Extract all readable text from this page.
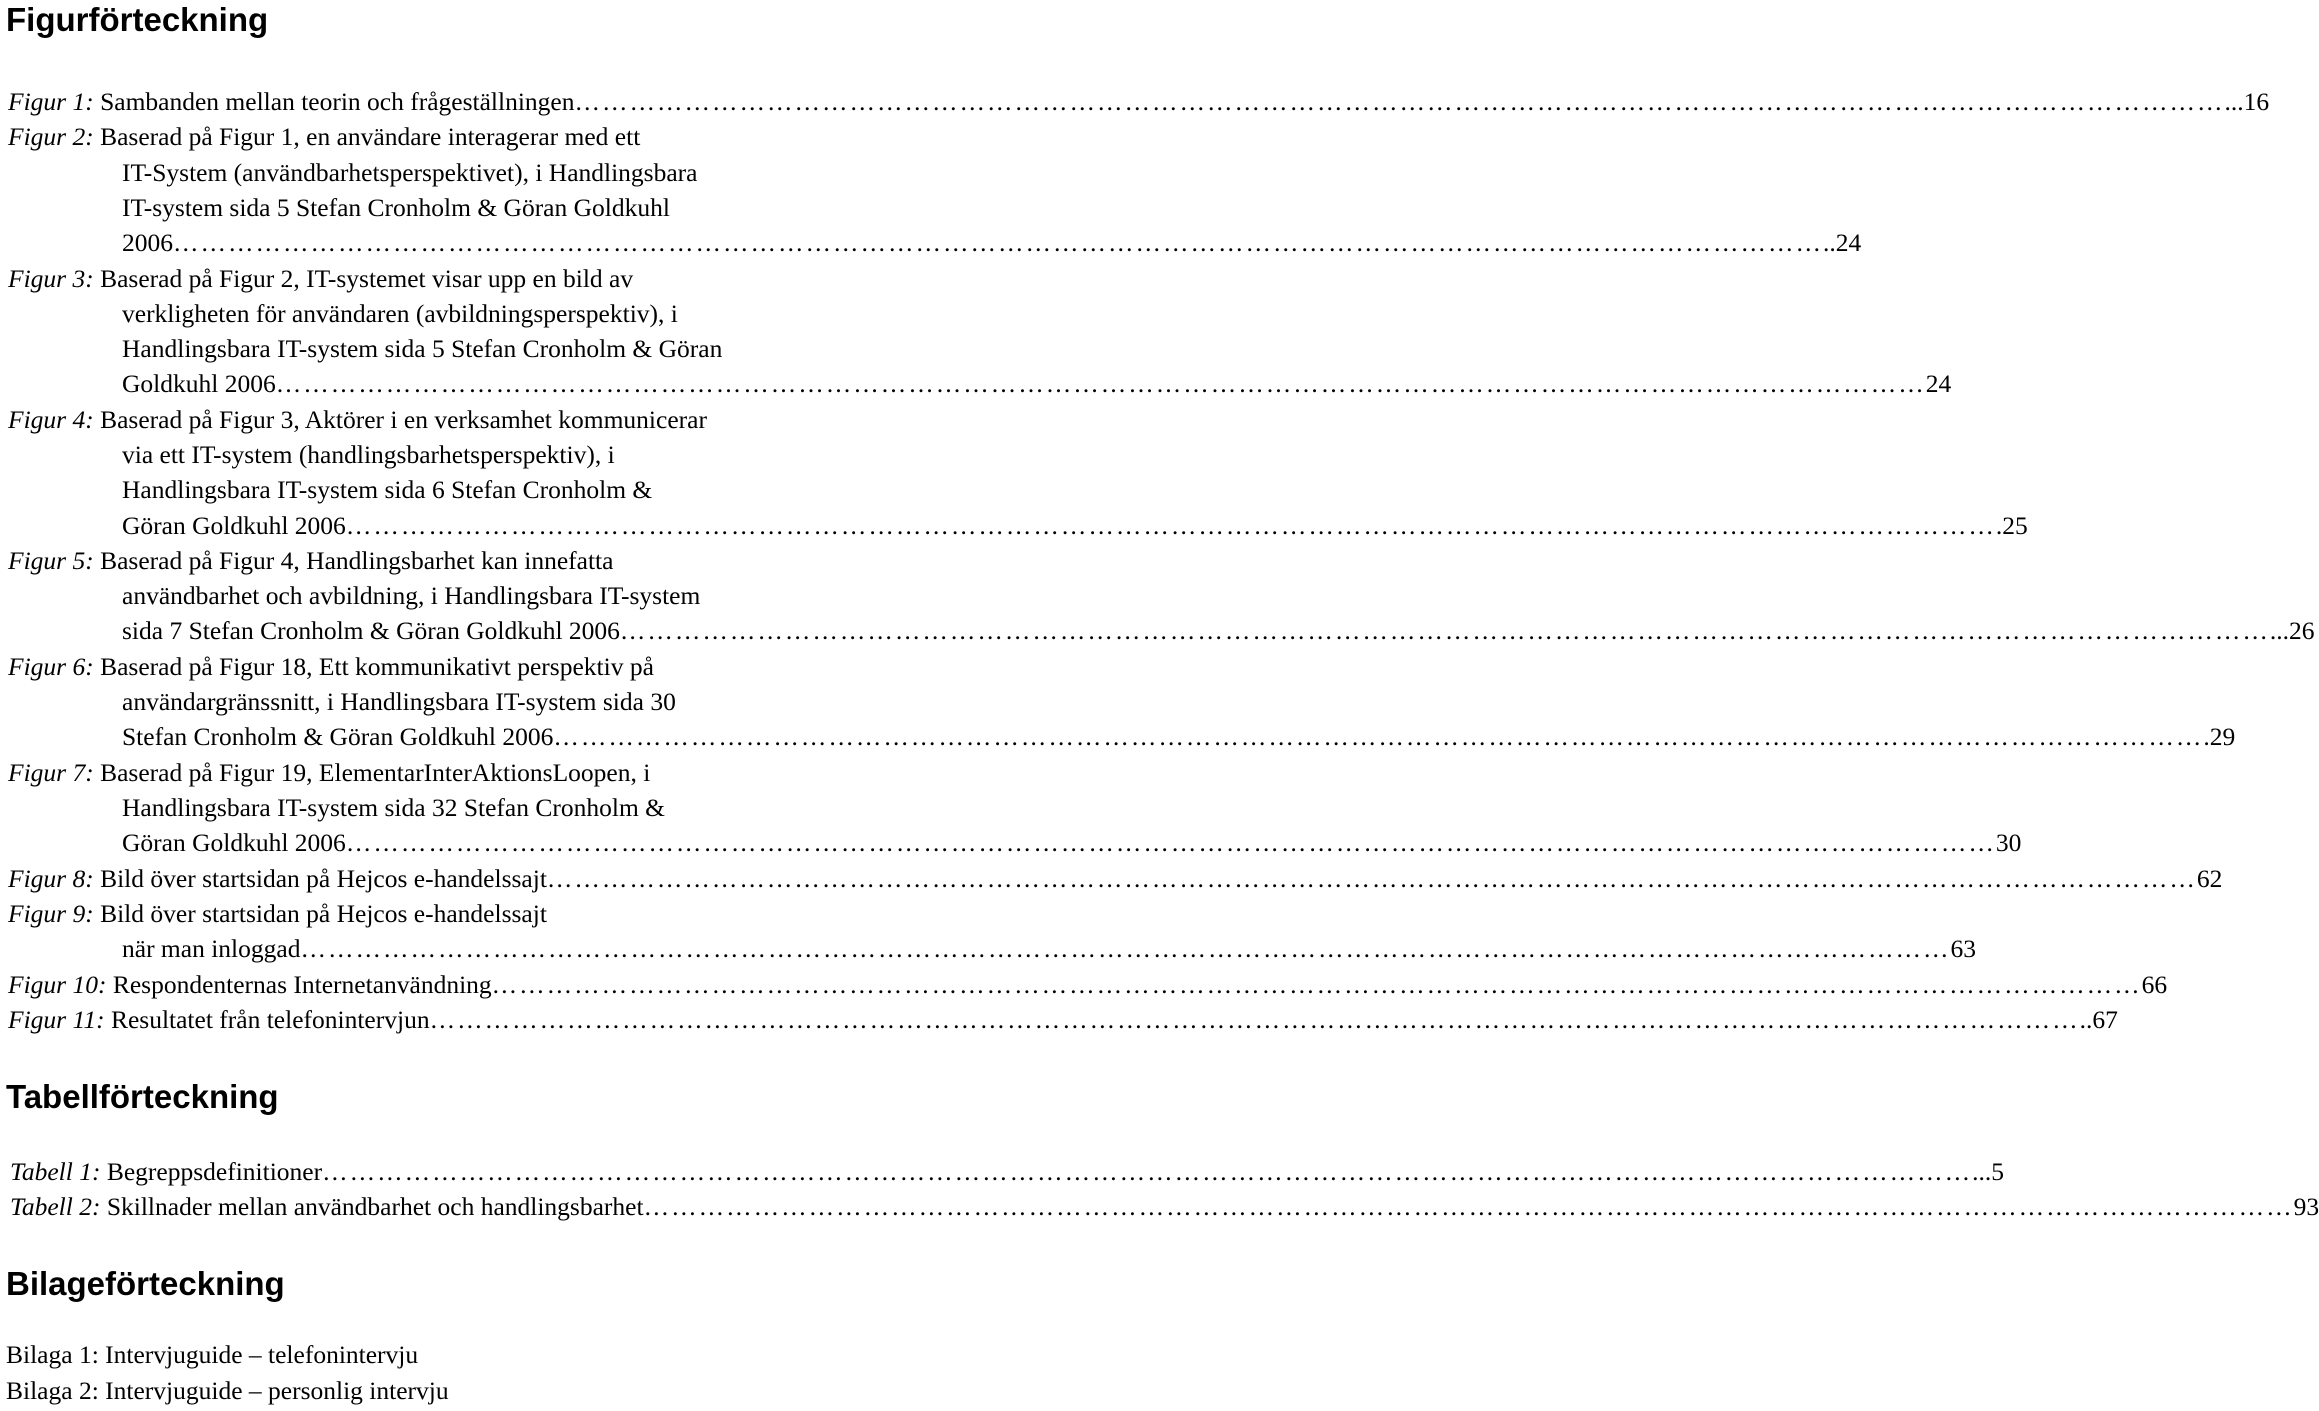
Figurförteckning
Figur 1: Sambanden mellan teorin och frågeställningen ……………………………………………………………………………………………………………………………………………………………… ...16
Figur 2: Baserad på Figur 1, en användare interagerar med ett
IT-System (användbarhetsperspektivet), i Handlingsbara
IT-system sida 5 Stefan Cronholm & Göran Goldkuhl
2006 ……………………………………………………………………………………………………………………………………………………………… ..24
Figur 3: Baserad på Figur 2, IT-systemet visar upp en bild av
verkligheten för användaren (avbildningsperspektiv), i
Handlingsbara IT-system sida 5 Stefan Cronholm & Göran
Goldkuhl 2006 ……………………………………………………………………………………………………………………………………………………………… 24
Figur 4: Baserad på Figur 3, Aktörer i en verksamhet kommunicerar
via ett IT-system (handlingsbarhetsperspektiv), i
Handlingsbara IT-system sida 6 Stefan Cronholm &
Göran Goldkuhl 2006 ……………………………………………………………………………………………………………………………………………………………… .25
Figur 5: Baserad på Figur 4, Handlingsbarhet kan innefatta
användbarhet och avbildning, i Handlingsbara IT-system
sida 7 Stefan Cronholm & Göran Goldkuhl 2006 ……………………………………………………………………………………………………………………………………………………………… ...26
Figur 6: Baserad på Figur 18, Ett kommunikativt perspektiv på
användargränssnitt, i Handlingsbara IT-system sida 30
Stefan Cronholm & Göran Goldkuhl 2006 ……………………………………………………………………………………………………………………………………………………………… .29
Figur 7: Baserad på Figur 19, ElementarInterAktionsLoopen, i
Handlingsbara IT-system sida 32 Stefan Cronholm &
Göran Goldkuhl 2006 ……………………………………………………………………………………………………………………………………………………………… 30
Figur 8: Bild över startsidan på Hejcos e-handelssajt ……………………………………………………………………………………………………………………………………………………………… 62
Figur 9: Bild över startsidan på Hejcos e-handelssajt
när man inloggad ……………………………………………………………………………………………………………………………………………………………… 63
Figur 10: Respondenternas Internetanvändning ……………………………………………………………………………………………………………………………………………………………… 66
Figur 11: Resultatet från telefonintervjun ……………………………………………………………………………………………………………………………………………………………… ..67
Tabellförteckning
Tabell 1: Begreppsdefinitioner ……………………………………………………………………………………………………………………………………………………………… ...5
Tabell 2: Skillnader mellan användbarhet och handlingsbarhet ……………………………………………………………………………………………………………………………………………………………… 93
Bilageförteckning
Bilaga 1: Intervjuguide – telefonintervju
Bilaga 2: Intervjuguide – personlig intervju
